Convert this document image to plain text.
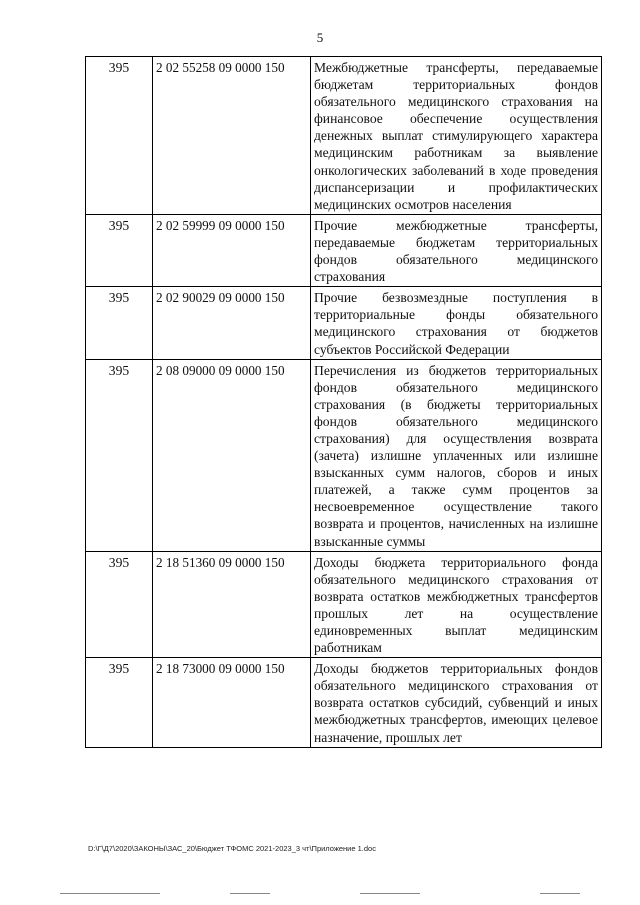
5
395	2 02 55258 09 0000 150	Межбюджетные трансферты, передаваемые бюджетам территориальных фондов обязательного медицинского страхования на финансовое обеспечение осуществления денежных выплат стимулирующего характера медицинским работникам за выявление онкологических заболеваний в ходе проведения диспансеризации и профилактических медицинских осмотров населения
395	2 02 59999 09 0000 150	Прочие межбюджетные трансферты, передаваемые бюджетам территориальных фондов обязательного медицинского страхования
395	2 02 90029 09 0000 150	Прочие безвозмездные поступления в территориальные фонды обязательного медицинского страхования от бюджетов субъектов Российской Федерации
395	2 08 09000 09 0000 150	Перечисления из бюджетов территориальных фондов обязательного медицинского страхования (в бюджеты территориальных фондов обязательного медицинского страхования) для осуществления возврата (зачета) излишне уплаченных или излишне взысканных сумм налогов, сборов и иных платежей, а также сумм процентов за несвоевременное осуществление такого возврата и процентов, начисленных на излишне взысканные суммы
395	2 18 51360 09 0000 150	Доходы бюджета территориального фонда обязательного медицинского страхования от возврата остатков межбюджетных трансфертов прошлых лет на осуществление единовременных выплат медицинским работникам
395	2 18 73000 09 0000 150	Доходы бюджетов территориальных фондов обязательного медицинского страхования от возврата остатков субсидий, субвенций и иных межбюджетных трансфертов, имеющих целевое назначение, прошлых лет
D:\Г\Д7\2020\ЗАКОНЫ\ЗАС_20\Бюджет ТФОМС 2021-2023_3 чт\Приложение 1.doc
